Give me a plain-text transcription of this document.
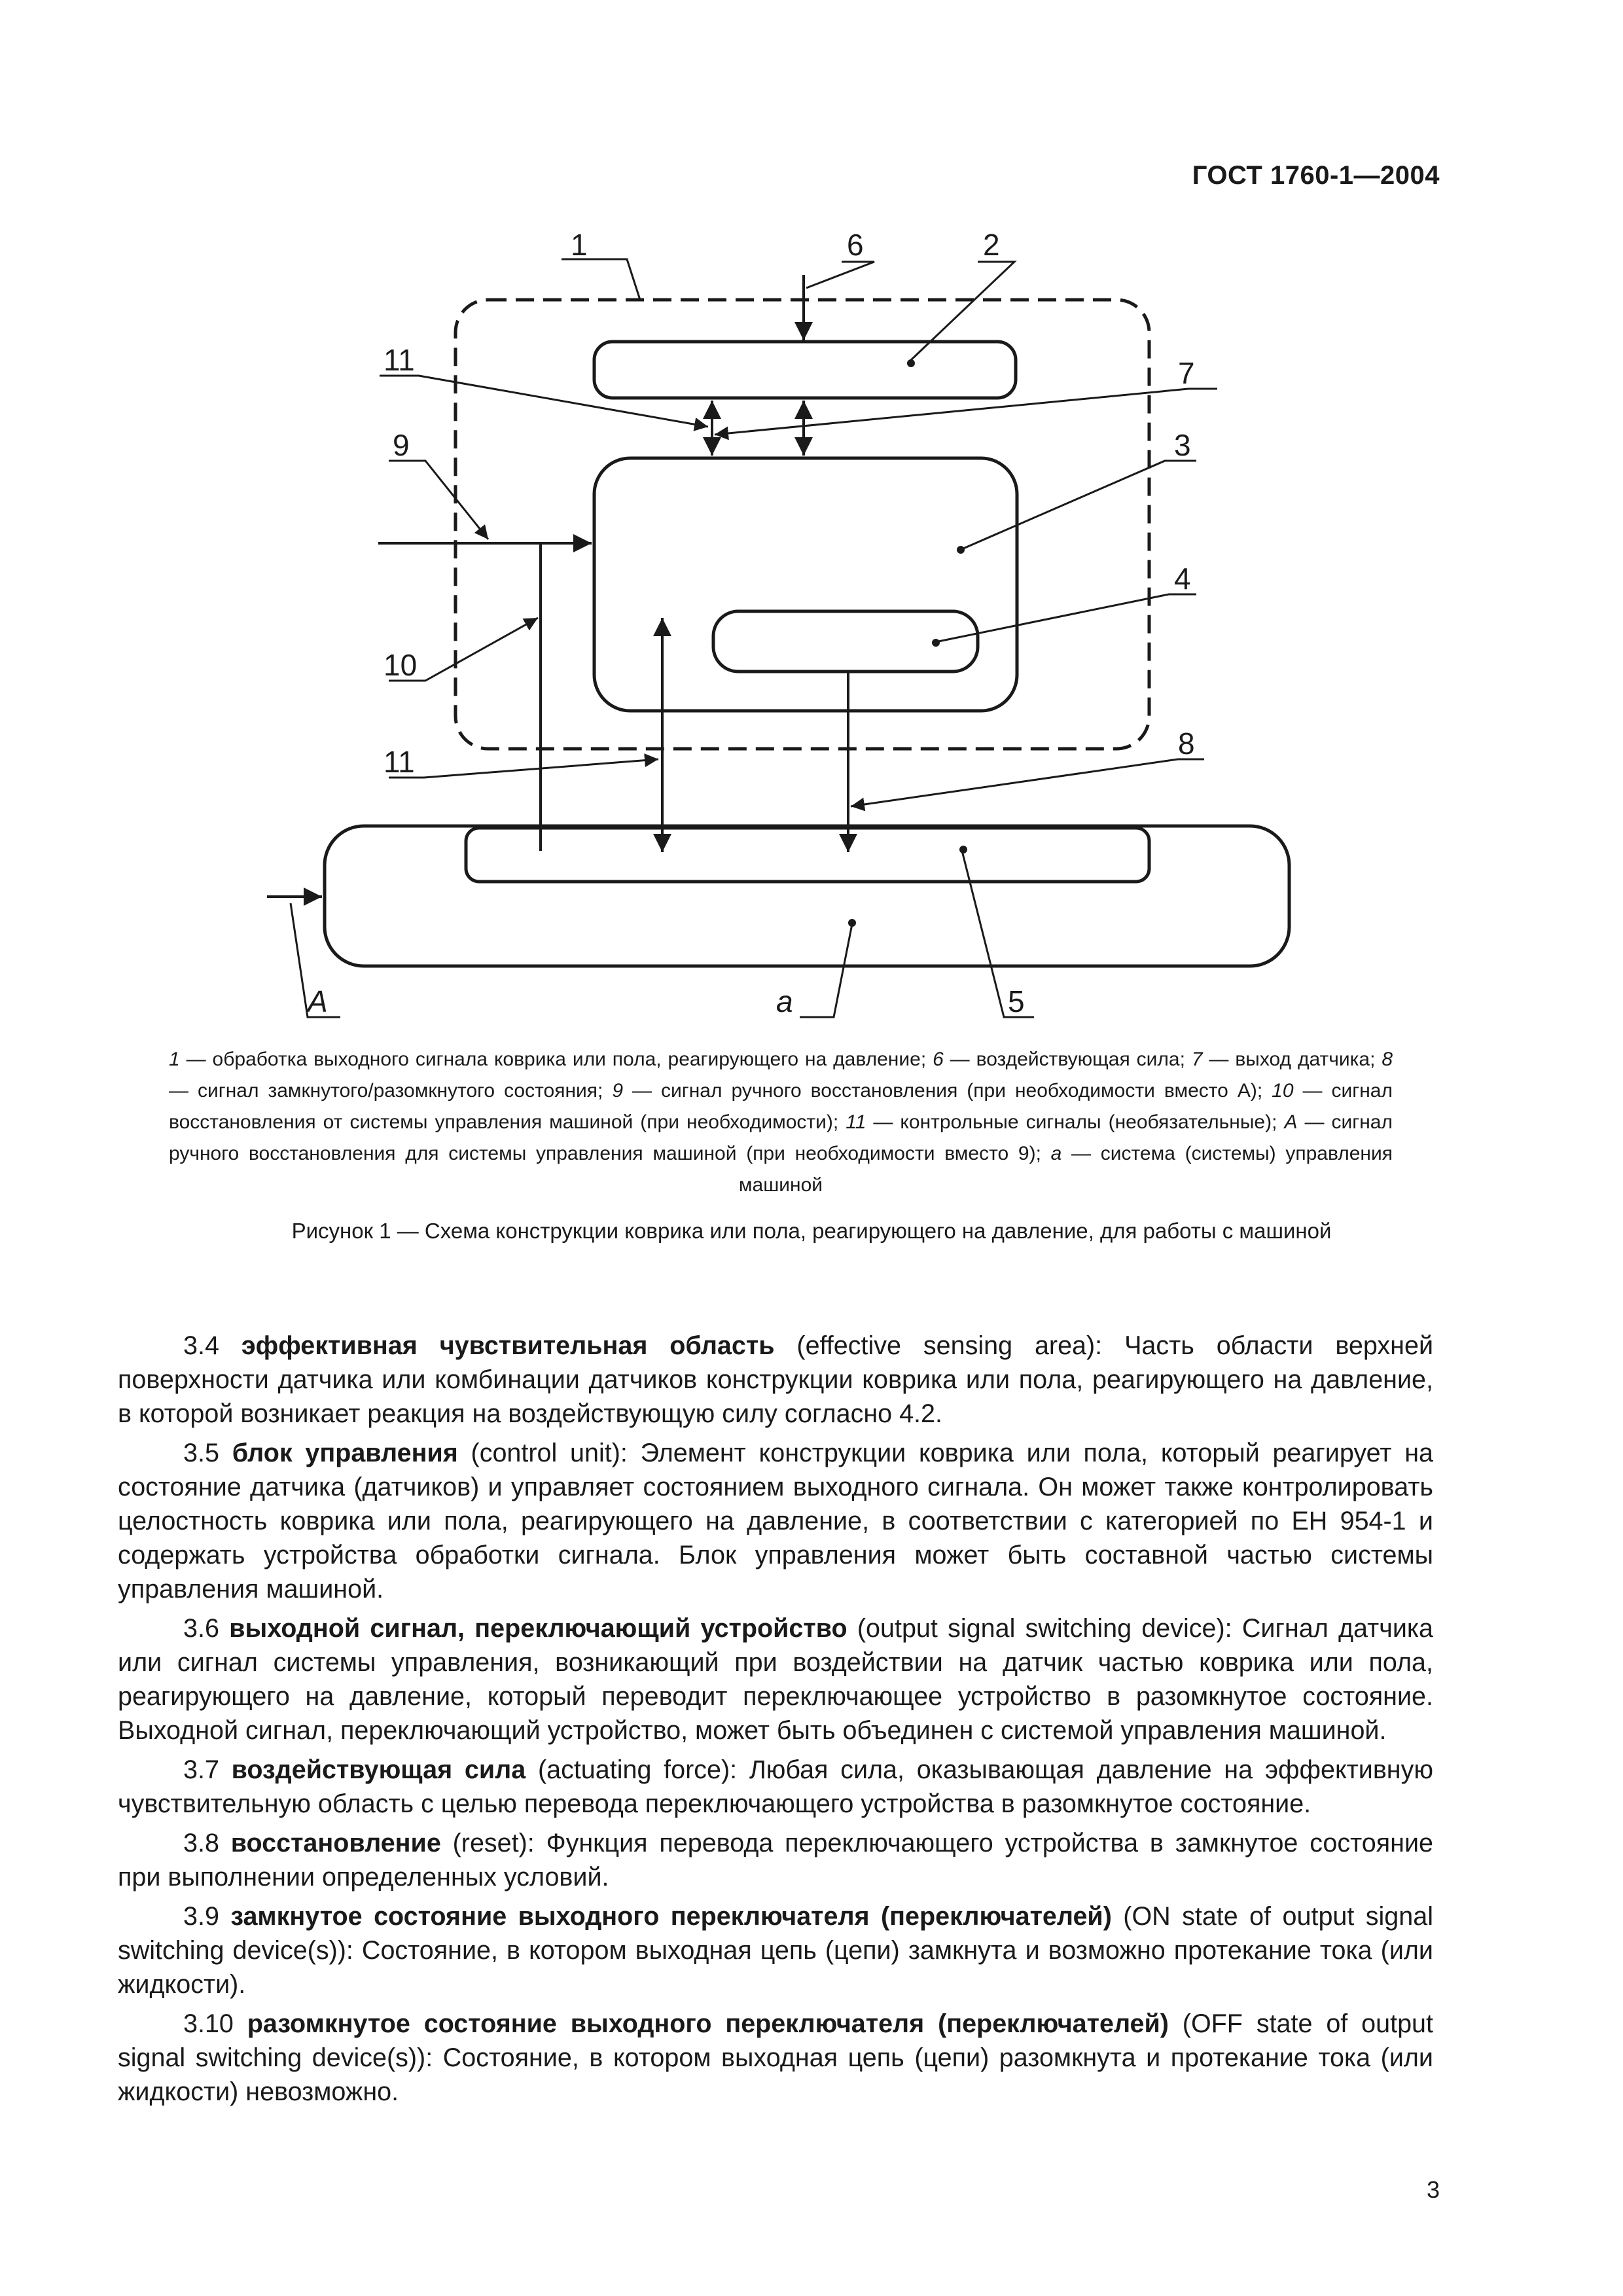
ГОСТ 1760-1—2004
1	6	2
11	7
9	3
4
10
11
8
A	a	5
1 — обработка выходного сигнала коврика или пола, реагирующего на давление; 6 — воздействующая сила; 7 — выход датчика; 8 — сигнал замкнутого/разомкнутого состояния; 9 — сигнал ручного восстановления (при необходимости вместо А); 10 — сигнал восстановления от системы управления машиной (при необходимости); 11 — контрольные сигналы (необязательные); А — сигнал ручного восстановления для системы управления машиной (при необходимости вместо 9); а — система (системы) управления машиной
Рисунок 1 — Схема конструкции коврика или пола, реагирующего на давление, для работы с машиной

3.4 эффективная чувствительная область (effective sensing area): Часть области верхней поверхности датчика или комбинации датчиков конструкции коврика или пола, реагирующего на давление, в которой возникает реакция на воздействующую силу согласно 4.2.

3.5 блок управления (control unit): Элемент конструкции коврика или пола, который реагирует на состояние датчика (датчиков) и управляет состоянием выходного сигнала. Он может также контролировать целостность коврика или пола, реагирующего на давление, в соответствии с категорией по ЕН 954-1 и содержать устройства обработки сигнала. Блок управления может быть составной частью системы управления машиной.

3.6 выходной сигнал, переключающий устройство (output signal switching device): Сигнал датчика или сигнал системы управления, возникающий при воздействии на датчик частью коврика или пола, реагирующего на давление, который переводит переключающее устройство в разомкнутое состояние. Выходной сигнал, переключающий устройство, может быть объединен с системой управления машиной.

3.7 воздействующая сила (actuating force): Любая сила, оказывающая давление на эффективную чувствительную область с целью перевода переключающего устройства в разомкнутое состояние.

3.8 восстановление (reset): Функция перевода переключающего устройства в замкнутое состояние при выполнении определенных условий.

3.9 замкнутое состояние выходного переключателя (переключателей) (ON state of output signal switching device(s)): Состояние, в котором выходная цепь (цепи) замкнута и возможно протекание тока (или жидкости).

3.10 разомкнутое состояние выходного переключателя (переключателей) (OFF state of output signal switching device(s)): Состояние, в котором выходная цепь (цепи) разомкнута и протекание тока (или жидкости) невозможно.

3
